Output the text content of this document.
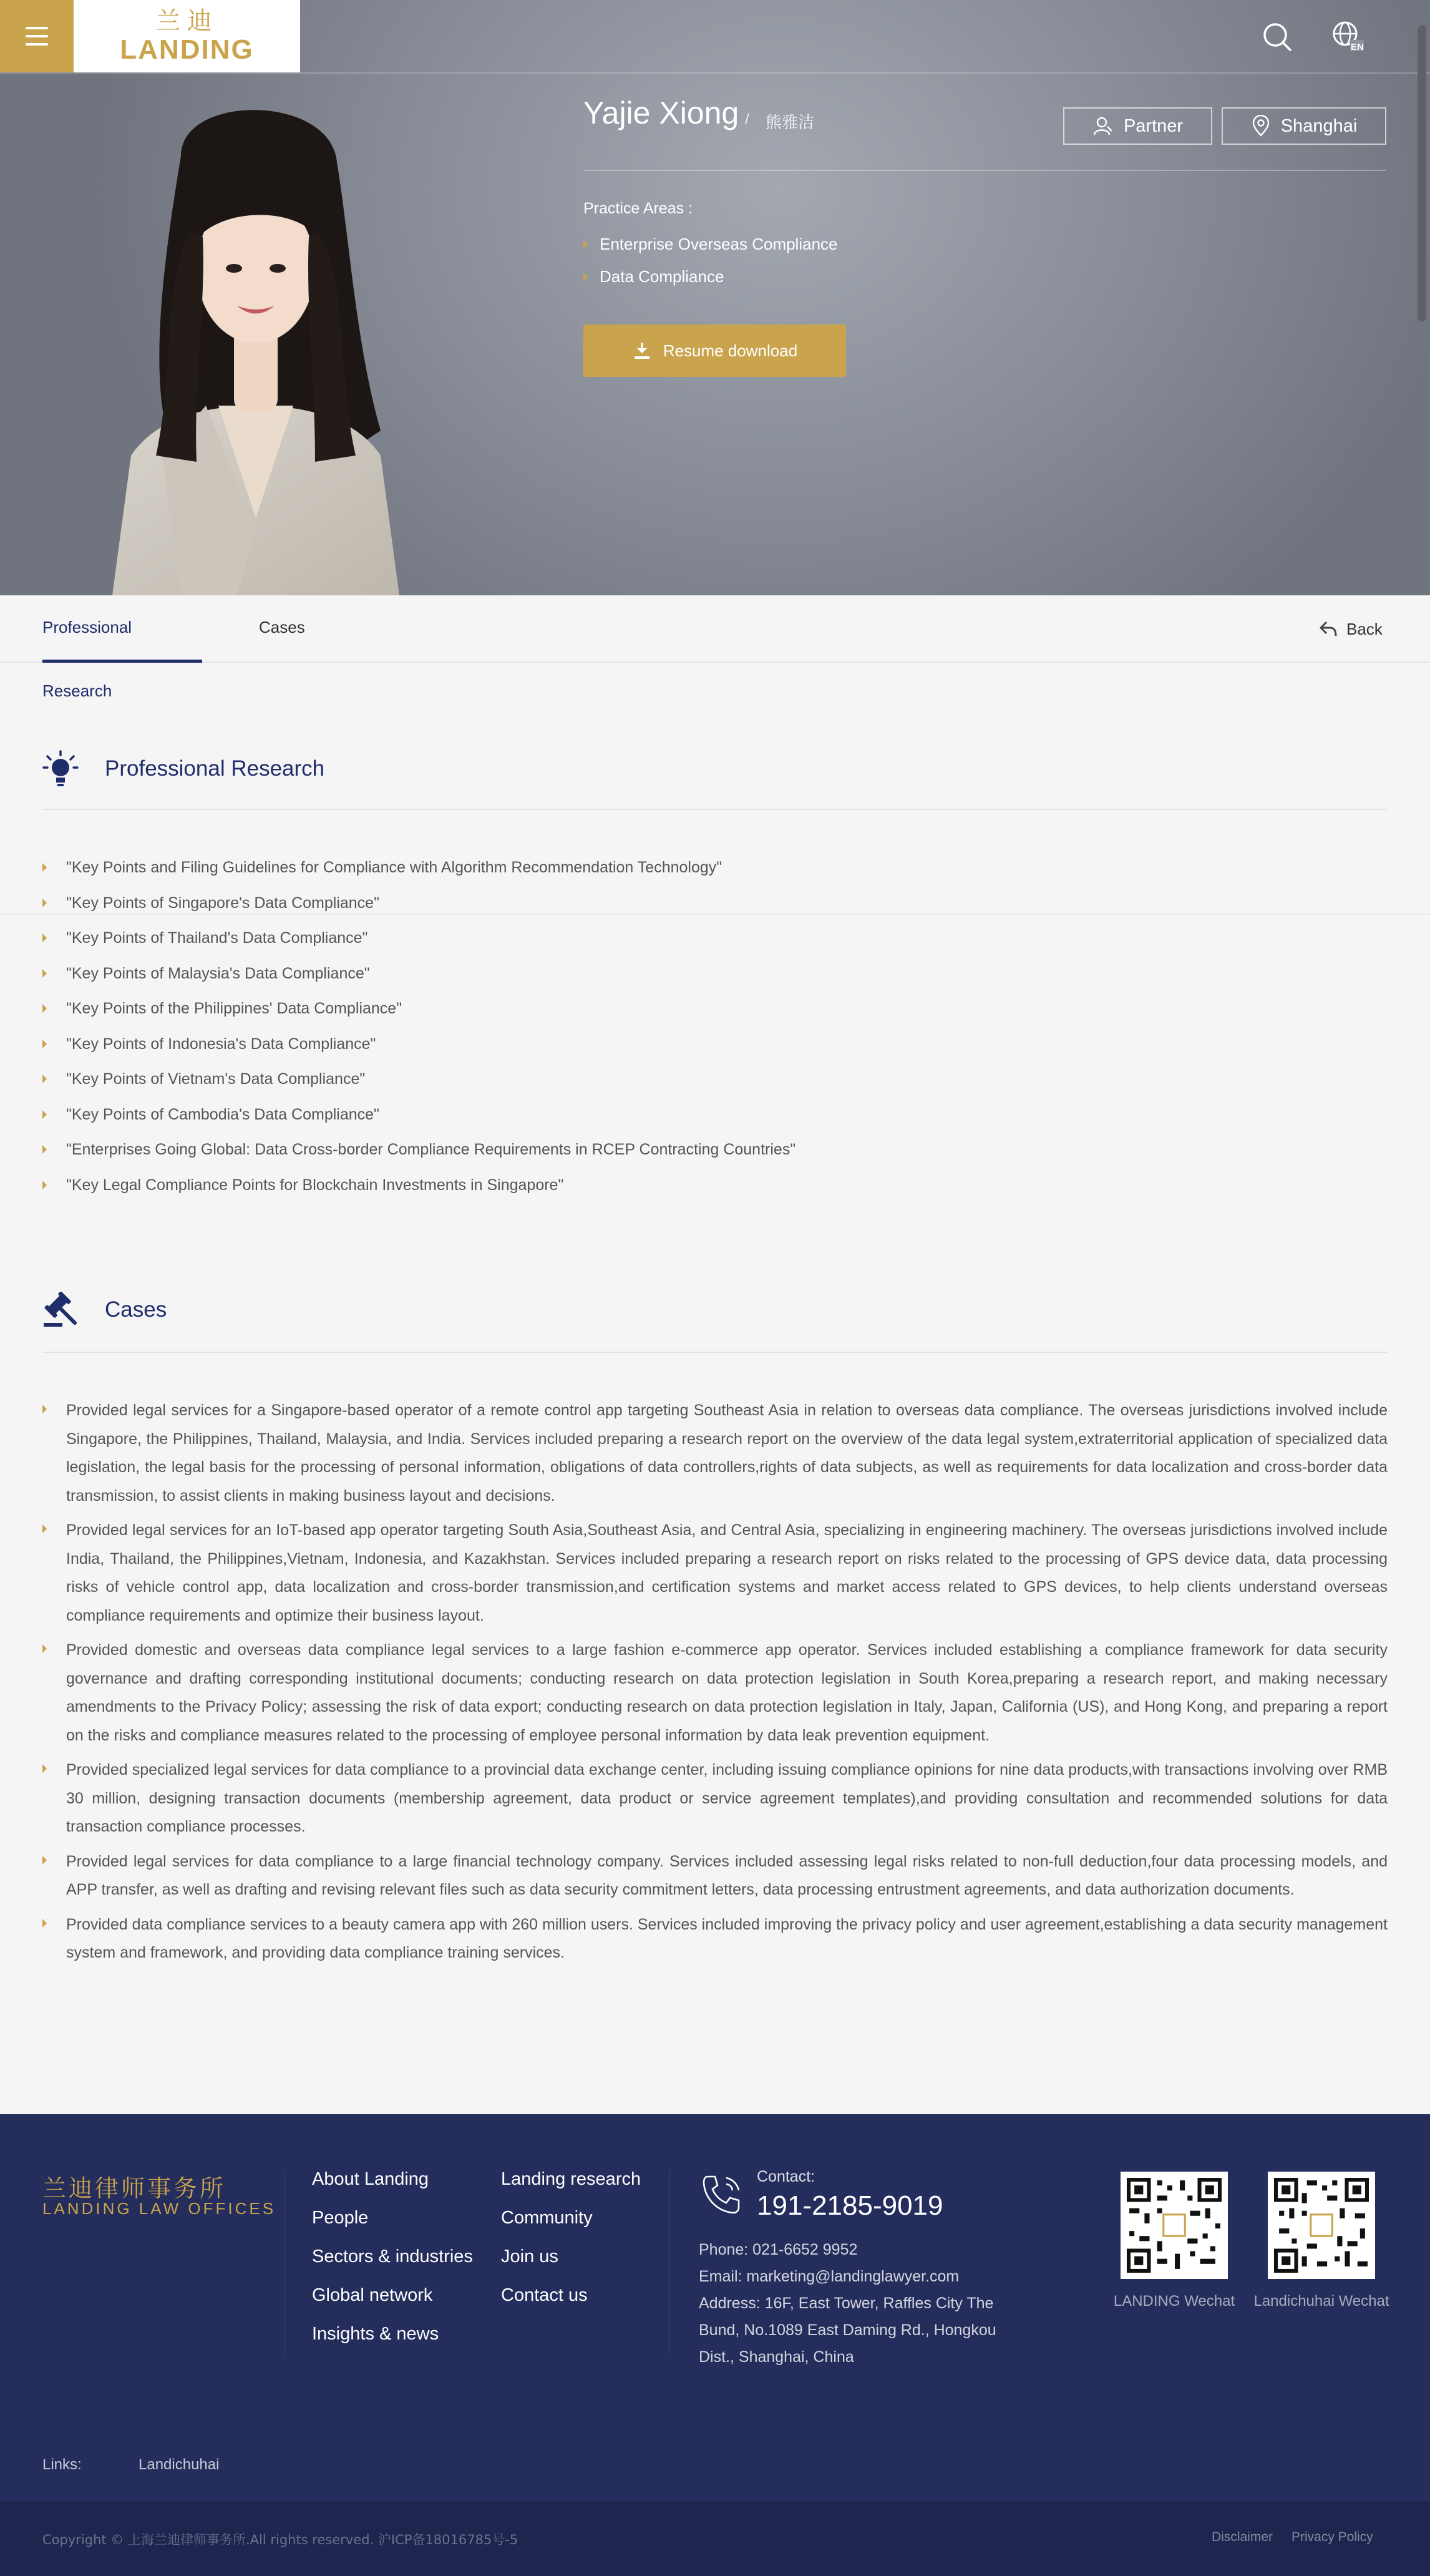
兰迪
LANDING	EN
Yajie Xiong / 熊雅洁	Partner	Shanghai
Practice Areas :
Enterprise Overseas Compliance
Data Compliance
Resume download
Professional Research
Cases	Back
Professional Research
"Key Points and Filing Guidelines for Compliance with Algorithm Recommendation Technology"
"Key Points of Singapore's Data Compliance"
"Key Points of Thailand's Data Compliance"
"Key Points of Malaysia's Data Compliance"
"Key Points of the Philippines' Data Compliance"
"Key Points of Indonesia's Data Compliance"
"Key Points of Vietnam's Data Compliance"
"Key Points of Cambodia's Data Compliance"
"Enterprises Going Global: Data Cross-border Compliance Requirements in RCEP Contracting Countries"
"Key Legal Compliance Points for Blockchain Investments in Singapore"
Cases
Provided legal services for a Singapore-based operator of a remote control app targeting Southeast Asia in relation to overseas data compliance. The overseas jurisdictions involved include Singapore, the Philippines, Thailand, Malaysia, and India. Services included preparing a research report on the overview of the data legal system,extraterritorial application of specialized data legislation, the legal basis for the processing of personal information, obligations of data controllers,rights of data subjects, as well as requirements for data localization and cross-border data transmission, to assist clients in making business layout and decisions.
Provided legal services for an IoT-based app operator targeting South Asia,Southeast Asia, and Central Asia, specializing in engineering machinery. The overseas jurisdictions involved include India, Thailand, the Philippines,Vietnam, Indonesia, and Kazakhstan. Services included preparing a research report on risks related to the processing of GPS device data, data processing risks of vehicle control app, data localization and cross-border transmission,and certification systems and market access related to GPS devices, to help clients understand overseas compliance requirements and optimize their business layout.
Provided domestic and overseas data compliance legal services to a large fashion e-commerce app operator. Services included establishing a compliance framework for data security governance and drafting corresponding institutional documents; conducting research on data protection legislation in South Korea,preparing a research report, and making necessary amendments to the Privacy Policy; assessing the risk of data export; conducting research on data protection legislation in Italy, Japan, California (US), and Hong Kong, and preparing a report on the risks and compliance measures related to the processing of employee personal information by data leak prevention equipment.
Provided specialized legal services for data compliance to a provincial data exchange center, including issuing compliance opinions for nine data products,with transactions involving over RMB 30 million, designing transaction documents (membership agreement, data product or service agreement templates),and providing consultation and recommended solutions for data transaction compliance processes.
Provided legal services for data compliance to a large financial technology company. Services included assessing legal risks related to non-full deduction,four data processing models, and APP transfer, as well as drafting and revising relevant files such as data security commitment letters, data processing entrustment agreements, and data authorization documents.
Provided data compliance services to a beauty camera app with 260 million users. Services included improving the privacy policy and user agreement,establishing a data security management system and framework, and providing data compliance training services.
兰迪律师事务所
LANDING LAW OFFICES
About Landing
People
Sectors & industries
Global network
Insights & news
Landing research
Community
Join us
Contact us
Contact:
191-2185-9019
Phone: 021-6652 9952
Email: marketing@landinglawyer.com
Address: 16F, East Tower, Raffles City The Bund, No.1089 East Daming Rd., Hongkou Dist., Shanghai, China
LANDING Wechat	Landichuhai Wechat
Links:	Landichuhai
Copyright © 上海兰迪律师事务所.All rights reserved. 沪ICP备18016785号-5	Disclaimer Privacy Policy
